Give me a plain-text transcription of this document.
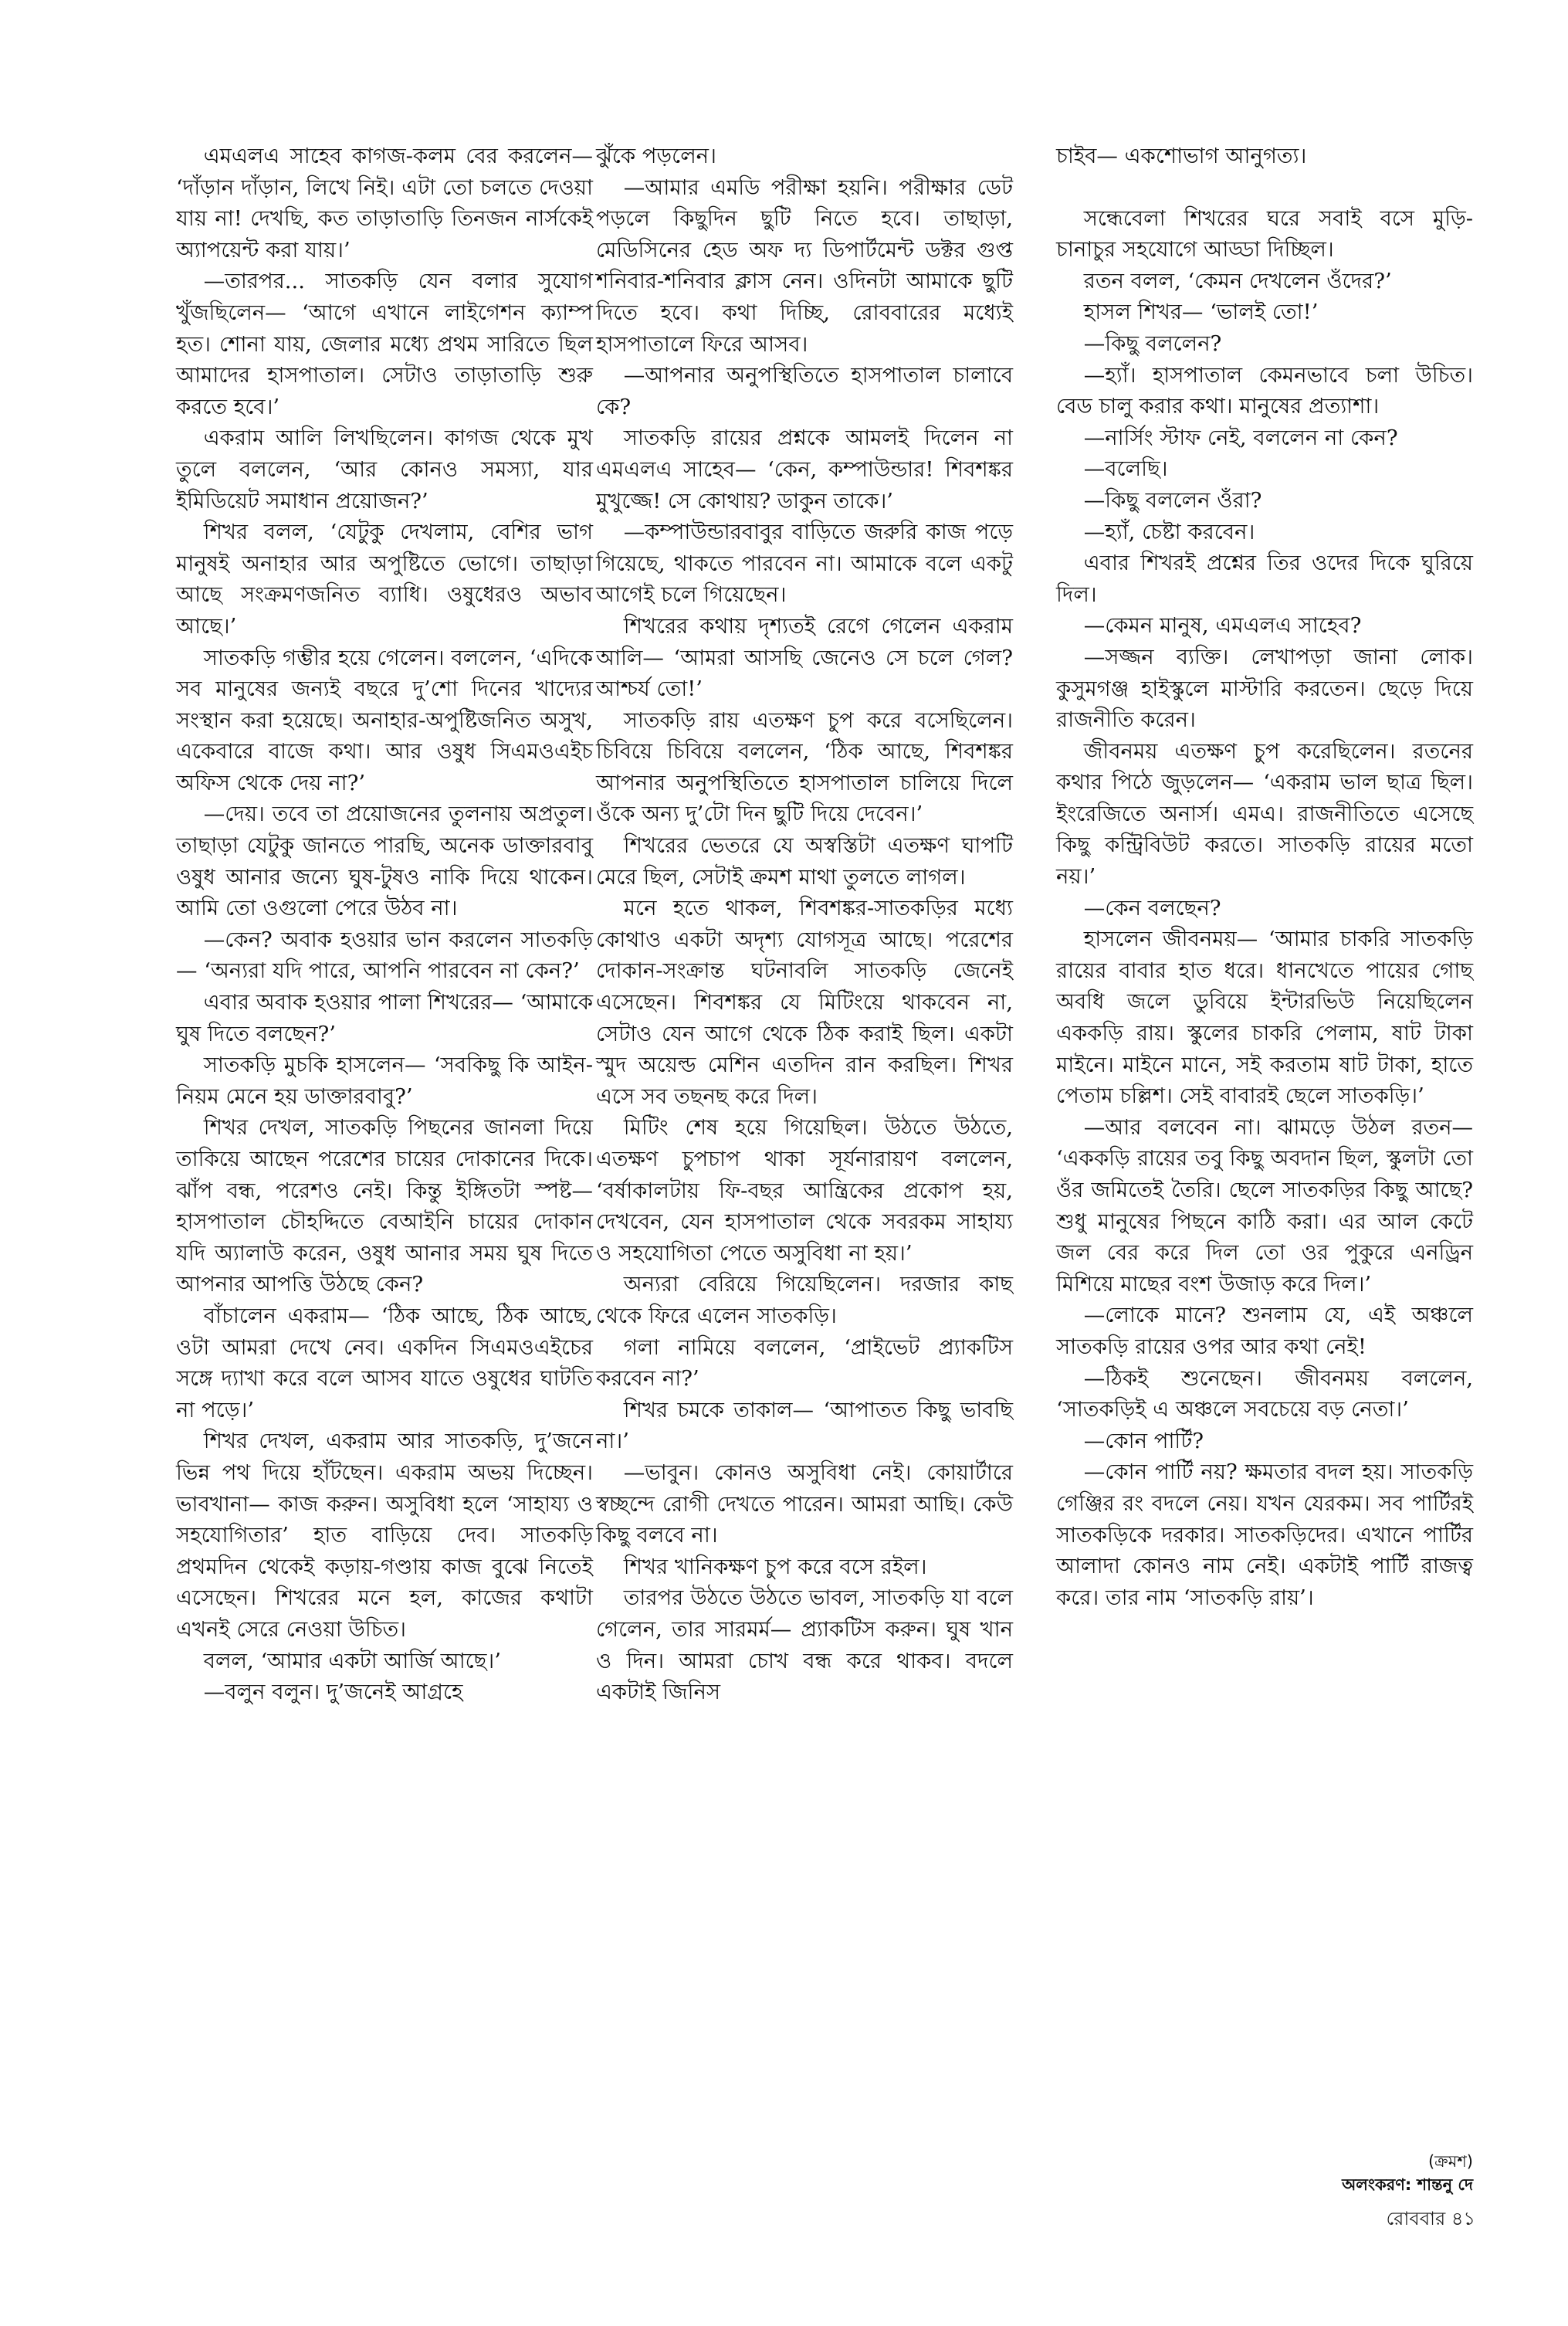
এমএলএ সাহেব কাগজ-কলম বের করলেন— ‘দাঁড়ান দাঁড়ান, লিখে নিই। এটা তো চলতে দেওয়া যায় না! দেখছি, কত তাড়াতাড়ি তিনজন নার্সকেই অ্যাপয়েন্ট করা যায়।’

—তারপর... সাতকড়ি যেন বলার সুযোগ খুঁজছিলেন— ‘আগে এখানে লাইগেশন ক্যাম্প হত। শোনা যায়, জেলার মধ্যে প্রথম সারিতে ছিল আমাদের হাসপাতাল। সেটাও তাড়াতাড়ি শুরু করতে হবে।’

একরাম আলি লিখছিলেন। কাগজ থেকে মুখ তুলে বললেন, ‘আর কোনও সমস্যা, যার ইমিডিয়েট সমাধান প্রয়োজন?’

শিখর বলল, ‘যেটুকু দেখলাম, বেশির ভাগ মানুষই অনাহার আর অপুষ্টিতে ভোগে। তাছাড়া আছে সংক্রমণজনিত ব্যাধি। ওষুধেরও অভাব আছে।’

সাতকড়ি গম্ভীর হয়ে গেলেন। বললেন, ‘এদিকে সব মানুষের জন্যই বছরে দু’শো দিনের খাদ্যের সংস্থান করা হয়েছে। অনাহার-অপুষ্টিজনিত অসুখ, একেবারে বাজে কথা। আর ওষুধ সিএমওএইচ অফিস থেকে দেয় না?’

—দেয়। তবে তা প্রয়োজনের তুলনায় অপ্রতুল। তাছাড়া যেটুকু জানতে পারছি, অনেক ডাক্তারবাবু ওষুধ আনার জন্যে ঘুষ-টুষও নাকি দিয়ে থাকেন। আমি তো ওগুলো পেরে উঠব না।

—কেন? অবাক হওয়ার ভান করলেন সাতকড়ি— ‘অন্যরা যদি পারে, আপনি পারবেন না কেন?’

এবার অবাক হওয়ার পালা শিখরের— ‘আমাকে ঘুষ দিতে বলছেন?’

সাতকড়ি মুচকি হাসলেন— ‘সবকিছু কি আইন-নিয়ম মেনে হয় ডাক্তারবাবু?’

শিখর দেখল, সাতকড়ি পিছনের জানলা দিয়ে তাকিয়ে আছেন পরেশের চায়ের দোকানের দিকে। ঝাঁপ বন্ধ, পরেশও নেই। কিন্তু ইঙ্গিতটা স্পষ্ট— হাসপাতাল চৌহদ্দিতে বেআইনি চায়ের দোকান যদি অ্যালাউ করেন, ওষুধ আনার সময় ঘুষ দিতে আপনার আপত্তি উঠছে কেন?

বাঁচালেন একরাম— ‘ঠিক আছে, ঠিক আছে, ওটা আমরা দেখে নেব। একদিন সিএমওএইচের সঙ্গে দ্যাখা করে বলে আসব যাতে ওষুধের ঘাটতি না পড়ে।’

শিখর দেখল, একরাম আর সাতকড়ি, দু’জনে ভিন্ন পথ দিয়ে হাঁটছেন। একরাম অভয় দিচ্ছেন। ভাবখানা— কাজ করুন। অসুবিধা হলে ‘সাহায্য ও সহযোগিতার’ হাত বাড়িয়ে দেব। সাতকড়ি প্রথমদিন থেকেই কড়ায়-গণ্ডায় কাজ বুঝে নিতেই এসেছেন। শিখরের মনে হল, কাজের কথাটা এখনই সেরে নেওয়া উচিত।

বলল, ‘আমার একটা আর্জি আছে।’

—বলুন বলুন। দু’জনেই আগ্রহে

ঝুঁকে পড়লেন।

—আমার এমডি পরীক্ষা হয়নি। পরীক্ষার ডেট পড়লে কিছুদিন ছুটি নিতে হবে। তাছাড়া, মেডিসিনের হেড অফ দ্য ডিপার্টমেন্ট ডক্টর গুপ্ত শনিবার-শনিবার ক্লাস নেন। ওদিনটা আমাকে ছুটি দিতে হবে। কথা দিচ্ছি, রোববারের মধ্যেই হাসপাতালে ফিরে আসব।

—আপনার অনুপস্থিতিতে হাসপাতাল চালাবে কে?

সাতকড়ি রায়ের প্রশ্নকে আমলই দিলেন না এমএলএ সাহেব— ‘কেন, কম্পাউন্ডার! শিবশঙ্কর মুখুজ্জে! সে কোথায়? ডাকুন তাকে।’

—কম্পাউন্ডারবাবুর বাড়িতে জরুরি কাজ পড়ে গিয়েছে, থাকতে পারবেন না। আমাকে বলে একটু আগেই চলে গিয়েছেন।

শিখরের কথায় দৃশ্যতই রেগে গেলেন একরাম আলি— ‘আমরা আসছি জেনেও সে চলে গেল? আশ্চর্য তো!’

সাতকড়ি রায় এতক্ষণ চুপ করে বসেছিলেন। চিবিয়ে চিবিয়ে বললেন, ‘ঠিক আছে, শিবশঙ্কর আপনার অনুপস্থিতিতে হাসপাতাল চালিয়ে দিলে ওঁকে অন্য দু’টো দিন ছুটি দিয়ে দেবেন।’

শিখরের ভেতরে যে অস্বস্তিটা এতক্ষণ ঘাপটি মেরে ছিল, সেটাই ক্রমশ মাথা তুলতে লাগল।

মনে হতে থাকল, শিবশঙ্কর-সাতকড়ির মধ্যে কোথাও একটা অদৃশ্য যোগসূত্র আছে। পরেশের দোকান-সংক্রান্ত ঘটনাবলি সাতকড়ি জেনেই এসেছেন। শিবশঙ্কর যে মিটিংয়ে থাকবেন না, সেটাও যেন আগে থেকে ঠিক করাই ছিল। একটা স্মুদ অয়েল্ড মেশিন এতদিন রান করছিল। শিখর এসে সব তছনছ করে দিল।

মিটিং শেষ হয়ে গিয়েছিল। উঠতে উঠতে, এতক্ষণ চুপচাপ থাকা সূর্যনারায়ণ বললেন, ‘বর্ষাকালটায় ফি-বছর আন্ত্রিকের প্রকোপ হয়, দেখবেন, যেন হাসপাতাল থেকে সবরকম সাহায্য ও সহযোগিতা পেতে অসুবিধা না হয়।’

অন্যরা বেরিয়ে গিয়েছিলেন। দরজার কাছ থেকে ফিরে এলেন সাতকড়ি।

গলা নামিয়ে বললেন, ‘প্রাইভেট প্র্যাকটিস করবেন না?’

শিখর চমকে তাকাল— ‘আপাতত কিছু ভাবছি না।’

—ভাবুন। কোনও অসুবিধা নেই। কোয়ার্টারে স্বচ্ছন্দে রোগী দেখতে পারেন। আমরা আছি। কেউ কিছু বলবে না।

শিখর খানিকক্ষণ চুপ করে বসে রইল।

তারপর উঠতে উঠতে ভাবল, সাতকড়ি যা বলে গেলেন, তার সারমর্ম— প্র্যাকটিস করুন। ঘুষ খান ও দিন। আমরা চোখ বন্ধ করে থাকব। বদলে একটাই জিনিস

চাইব— একশোভাগ আনুগত্য।

সন্ধেবেলা শিখরের ঘরে সবাই বসে মুড়ি-চানাচুর সহযোগে আড্ডা দিচ্ছিল।

রতন বলল, ‘কেমন দেখলেন ওঁদের?’

হাসল শিখর— ‘ভালই তো!’

—কিছু বললেন?

—হ্যাঁ। হাসপাতাল কেমনভাবে চলা উচিত। বেড চালু করার কথা। মানুষের প্রত্যাশা।

—নার্সিং স্টাফ নেই, বললেন না কেন?

—বলেছি।

—কিছু বললেন ওঁরা?

—হ্যাঁ, চেষ্টা করবেন।

এবার শিখরই প্রশ্নের তির ওদের দিকে ঘুরিয়ে দিল।

—কেমন মানুষ, এমএলএ সাহেব?

—সজ্জন ব্যক্তি। লেখাপড়া জানা লোক। কুসুমগঞ্জ হাইস্কুলে মাস্টারি করতেন। ছেড়ে দিয়ে রাজনীতি করেন।

জীবনময় এতক্ষণ চুপ করেছিলেন। রতনের কথার পিঠে জুড়লেন— ‘একরাম ভাল ছাত্র ছিল। ইংরেজিতে অনার্স। এমএ। রাজনীতিতে এসেছে কিছু কন্ট্রিবিউট করতে। সাতকড়ি রায়ের মতো নয়।’

—কেন বলছেন?

হাসলেন জীবনময়— ‘আমার চাকরি সাতকড়ি রায়ের বাবার হাত ধরে। ধানখেতে পায়ের গোছ অবধি জলে ডুবিয়ে ইন্টারভিউ নিয়েছিলেন এককড়ি রায়। স্কুলের চাকরি পেলাম, ষাট টাকা মাইনে। মাইনে মানে, সই করতাম ষাট টাকা, হাতে পেতাম চল্লিশ। সেই বাবারই ছেলে সাতকড়ি।’

—আর বলবেন না। ঝামড়ে উঠল রতন— ‘এককড়ি রায়ের তবু কিছু অবদান ছিল, স্কুলটা তো ওঁর জমিতেই তৈরি। ছেলে সাতকড়ির কিছু আছে? শুধু মানুষের পিছনে কাঠি করা। এর আল কেটে জল বের করে দিল তো ওর পুকুরে এনড্রিন মিশিয়ে মাছের বংশ উজাড় করে দিল।’

—লোকে মানে? শুনলাম যে, এই অঞ্চলে সাতকড়ি রায়ের ওপর আর কথা নেই!

—ঠিকই শুনেছেন। জীবনময় বললেন, ‘সাতকড়িই এ অঞ্চলে সবচেয়ে বড় নেতা।’

—কোন পার্টি?

—কোন পার্টি নয়? ক্ষমতার বদল হয়। সাতকড়ি গেঞ্জির রং বদলে নেয়। যখন যেরকম। সব পার্টিরই সাতকড়িকে দরকার। সাতকড়িদের। এখানে পার্টির আলাদা কোনও নাম নেই। একটাই পার্টি রাজত্ব করে। তার নাম ‘সাতকড়ি রায়’।

(ক্রমশ)
অলংকরণ: শান্তনু দে
রোববার ৪১
